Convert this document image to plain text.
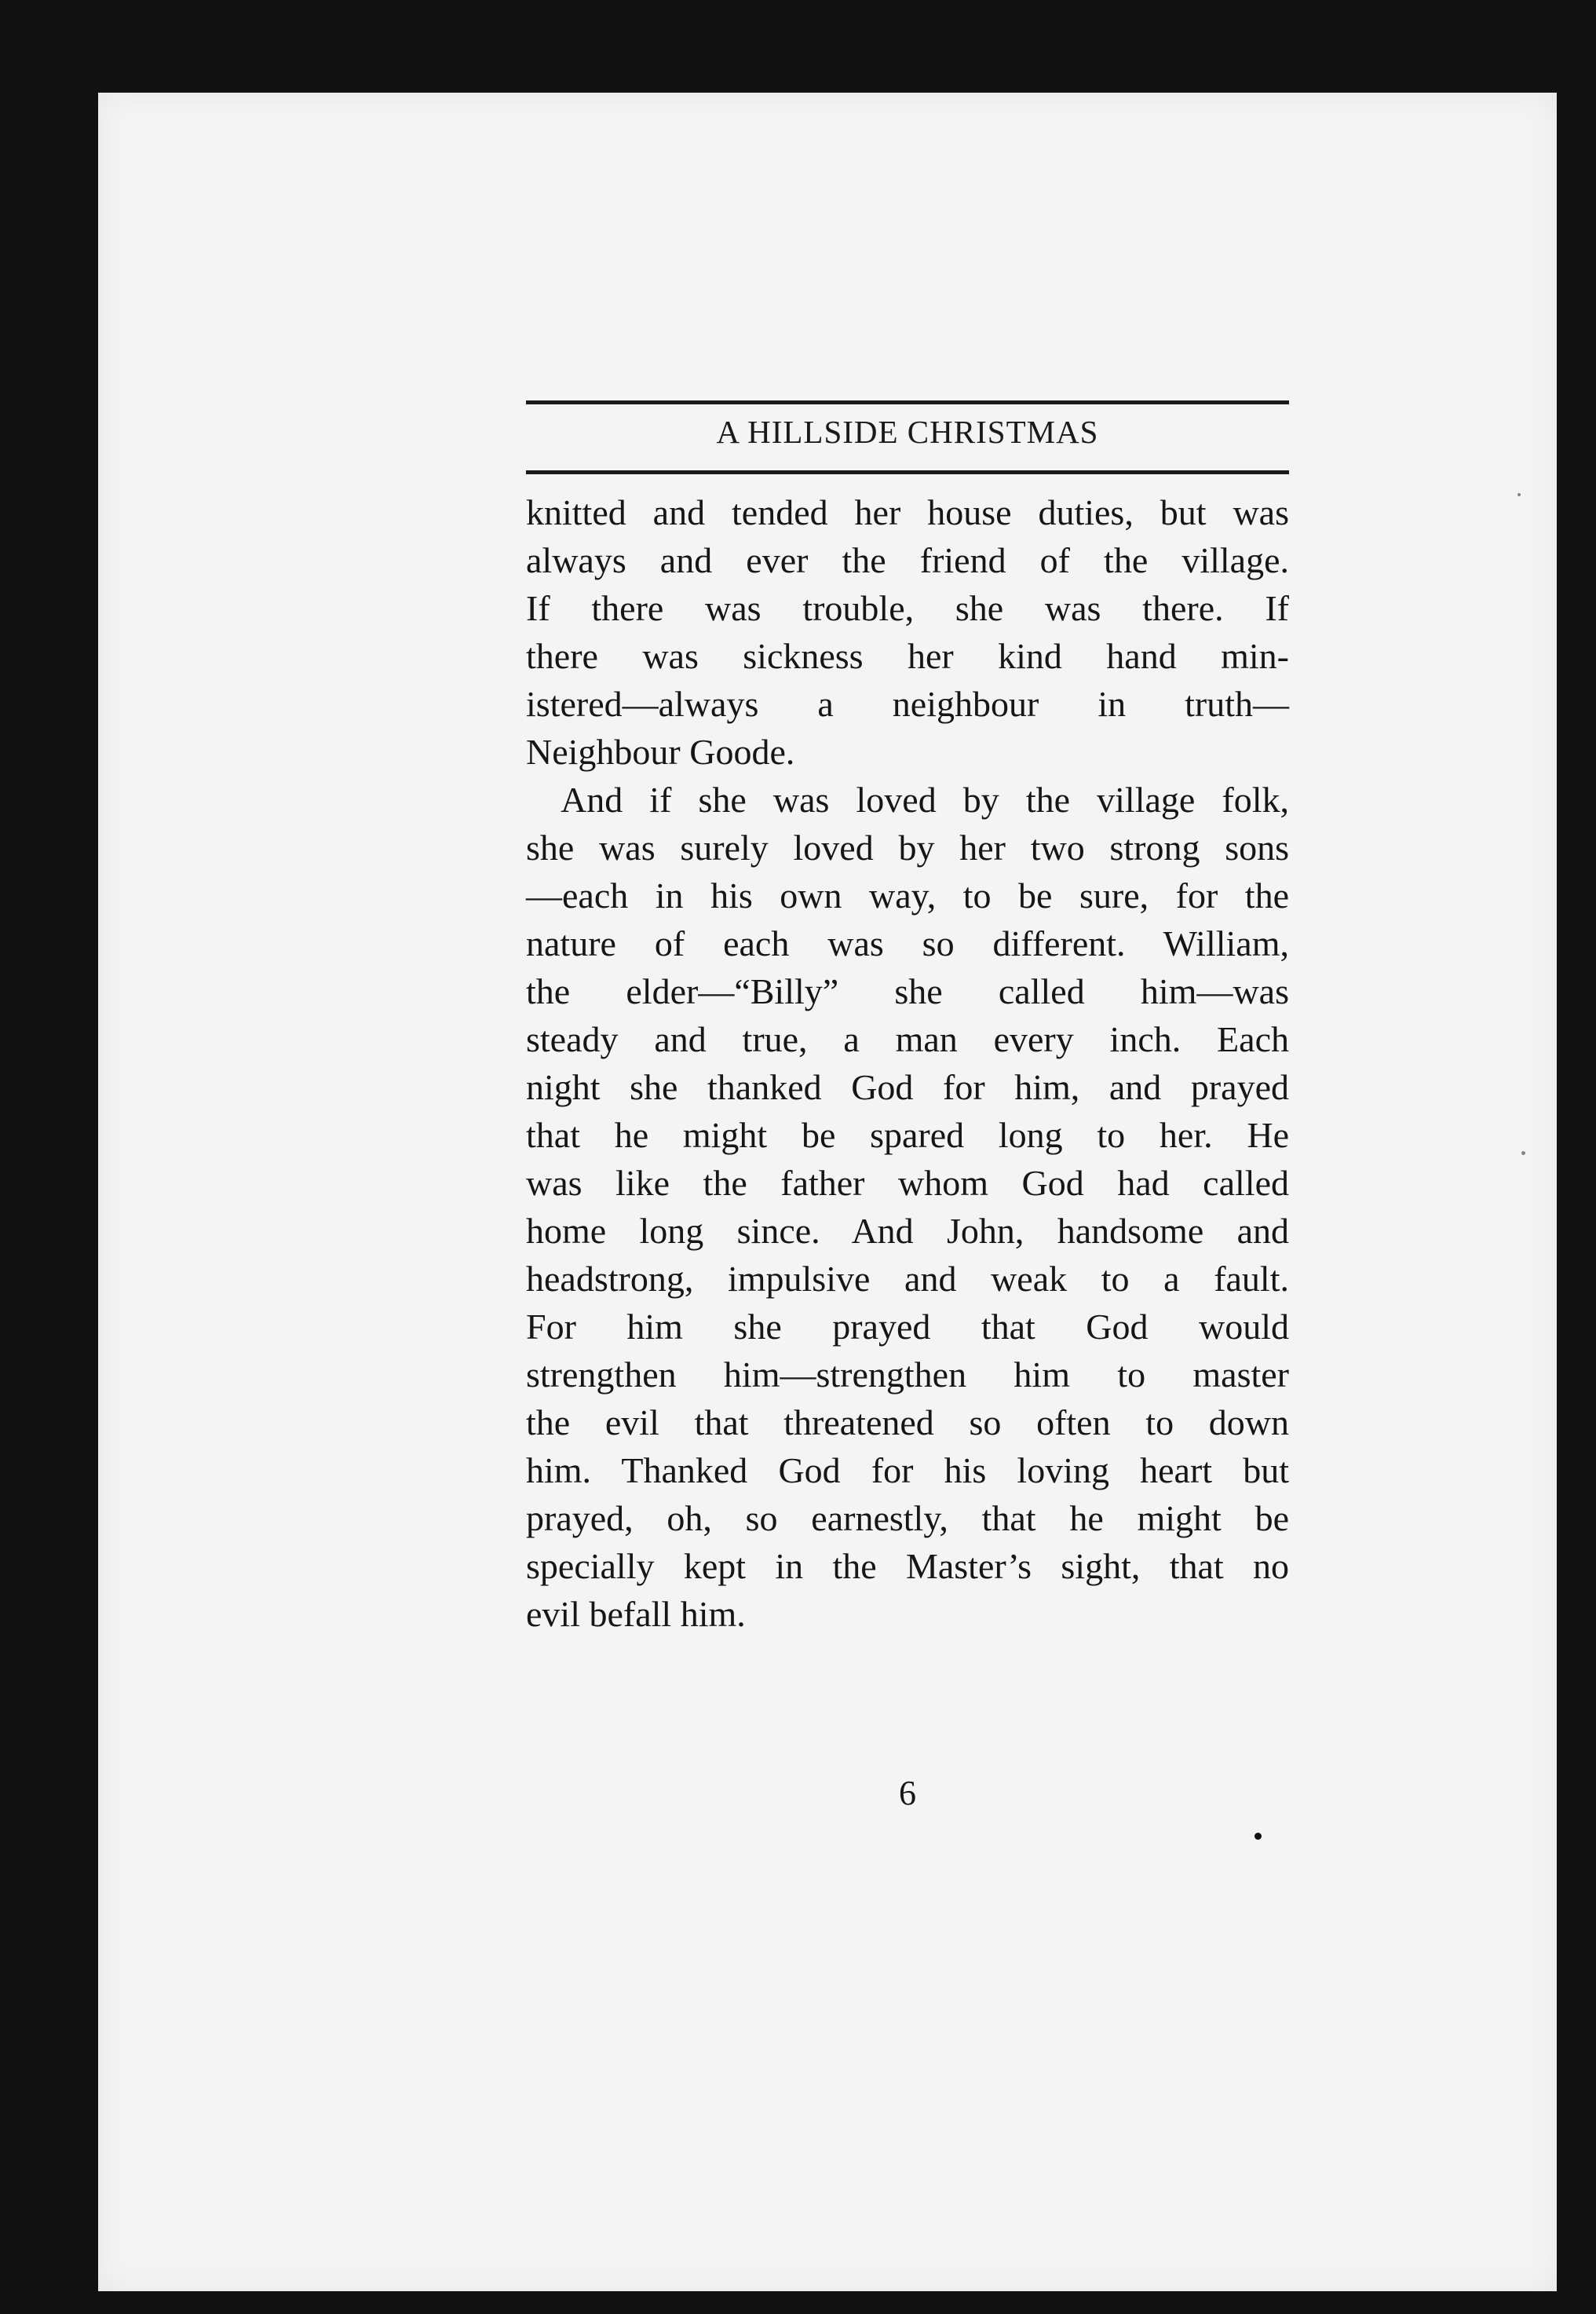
A HILLSIDE CHRISTMAS

knitted and tended her house duties, but was
always and ever the friend of the village.
If there was trouble, she was there. If
there was sickness her kind hand min-
istered—always a neighbour in truth—
Neighbour Goode.

And if she was loved by the village folk,
she was surely loved by her two strong sons
—each in his own way, to be sure, for the
nature of each was so different. William,
the elder—“Billy” she called him—was
steady and true, a man every inch. Each
night she thanked God for him, and prayed
that he might be spared long to her. He
was like the father whom God had called
home long since. And John, handsome and
headstrong, impulsive and weak to a fault.
For him she prayed that God would
strengthen him—strengthen him to master
the evil that threatened so often to down
him. Thanked God for his loving heart but
prayed, oh, so earnestly, that he might be
specially kept in the Master’s sight, that no
evil befall him.

6
